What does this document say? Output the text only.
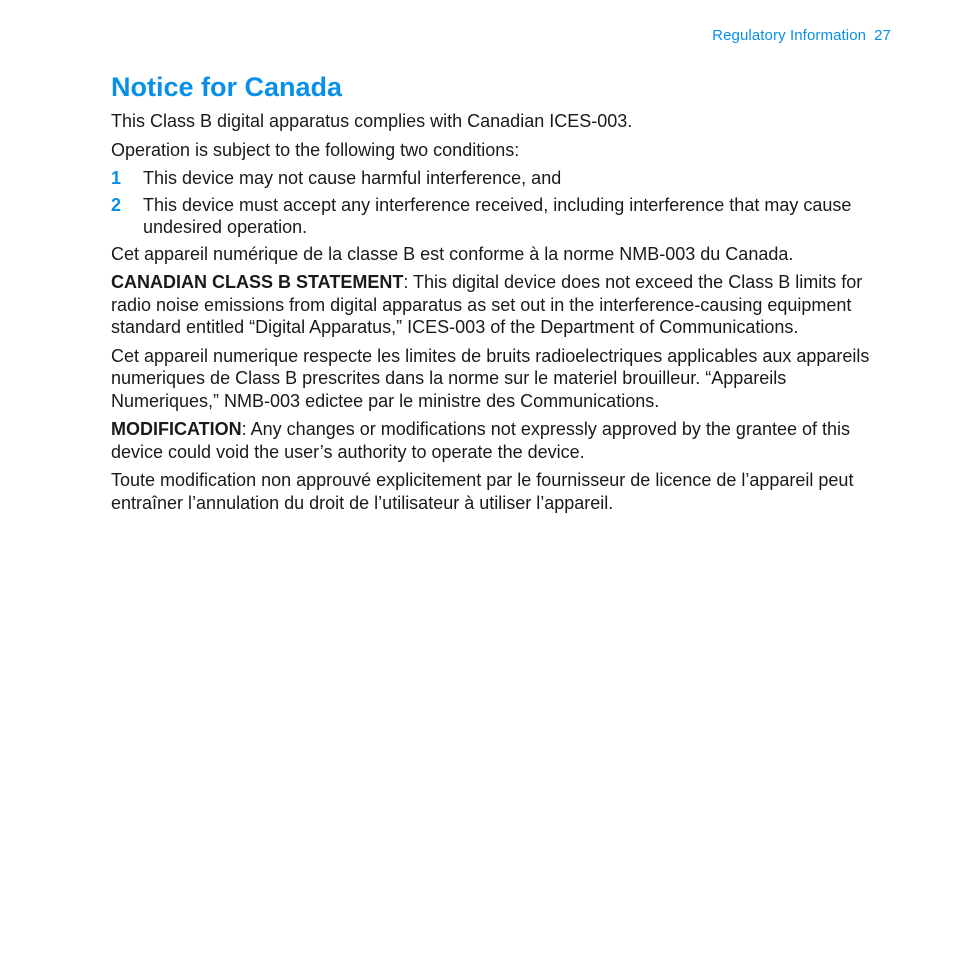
Regulatory Information 27
Notice for Canada

This Class B digital apparatus complies with Canadian ICES-003.

Operation is subject to the following two conditions:

1	This device may not cause harmful interference, and
2	This device must accept any interference received, including interference that may cause undesired operation.

Cet appareil numérique de la classe B est conforme à la norme NMB-003 du Canada.

CANADIAN CLASS B STATEMENT: This digital device does not exceed the Class B limits for radio noise emissions from digital apparatus as set out in the interference-causing equipment standard entitled “Digital Apparatus,” ICES-003 of the Department of Communications.

Cet appareil numerique respecte les limites de bruits radioelectriques applicables aux appareils numeriques de Class B prescrites dans la norme sur le materiel brouilleur. “Appareils Numeriques,” NMB-003 edictee par le ministre des Communications.

MODIFICATION: Any changes or modifications not expressly approved by the grantee of this device could void the user’s authority to operate the device.

Toute modification non approuvé explicitement par le fournisseur de licence de l’appareil peut entraîner l’annulation du droit de l’utilisateur à utiliser l’appareil.
